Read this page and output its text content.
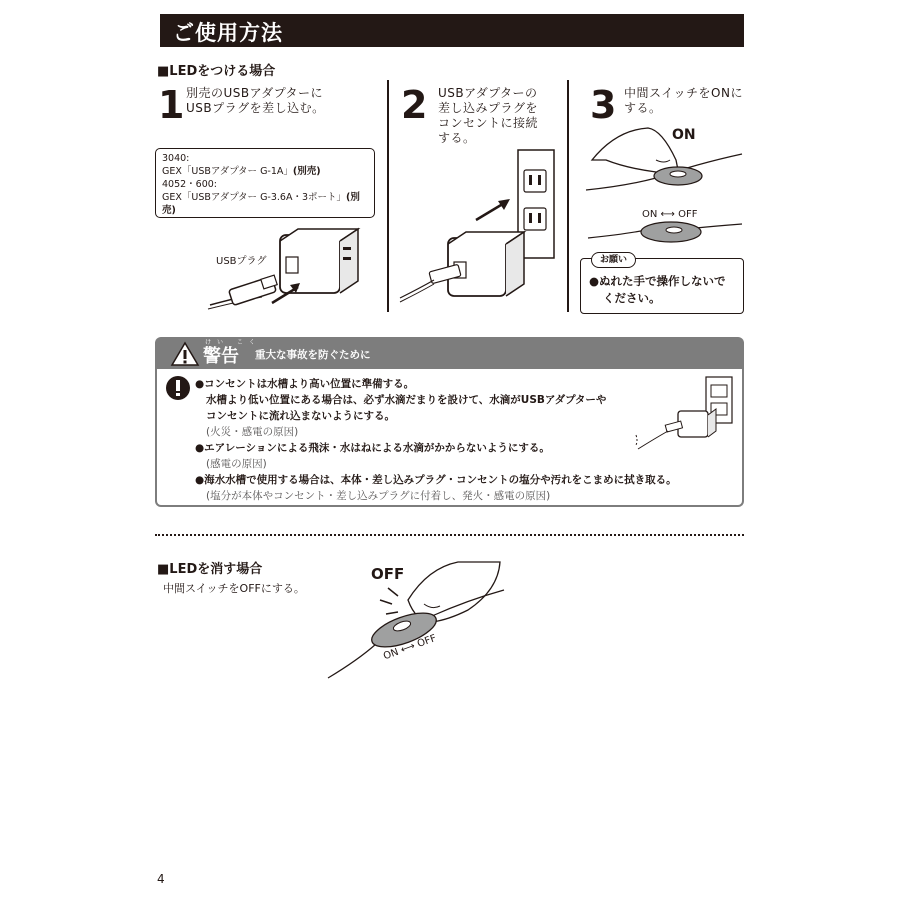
ご使用方法
■LEDをつける場合
1 別売のUSBアダプターに
USBプラグを差し込む。
3040:
GEX「USBアダプター G-1A」(別売)
4052・600:
GEX「USBアダプター G-3.6A・3ポート」(別売)
USBプラグ
2 USBアダプターの
差し込みプラグを
コンセントに接続
する。
3 中間スイッチをONに
する。
ON
ON ⟷ OFF
お願い
●ぬれた手で操作しないで
ください。
けい こく
警告 重大な事故を防ぐために
●コンセントは水槽より高い位置に準備する。
水槽より低い位置にある場合は、必ず水滴だまりを設けて、水滴がUSBアダプターや
コンセントに流れ込まないようにする。
(火災・感電の原因)
●エアレーションによる飛沫・水はねによる水滴がかからないようにする。
(感電の原因)
●海水水槽で使用する場合は、本体・差し込みプラグ・コンセントの塩分や汚れをこまめに拭き取る。
(塩分が本体やコンセント・差し込みプラグに付着し、発火・感電の原因)
■LEDを消す場合
中間スイッチをOFFにする。
OFF
ON ⟷ OFF
4
